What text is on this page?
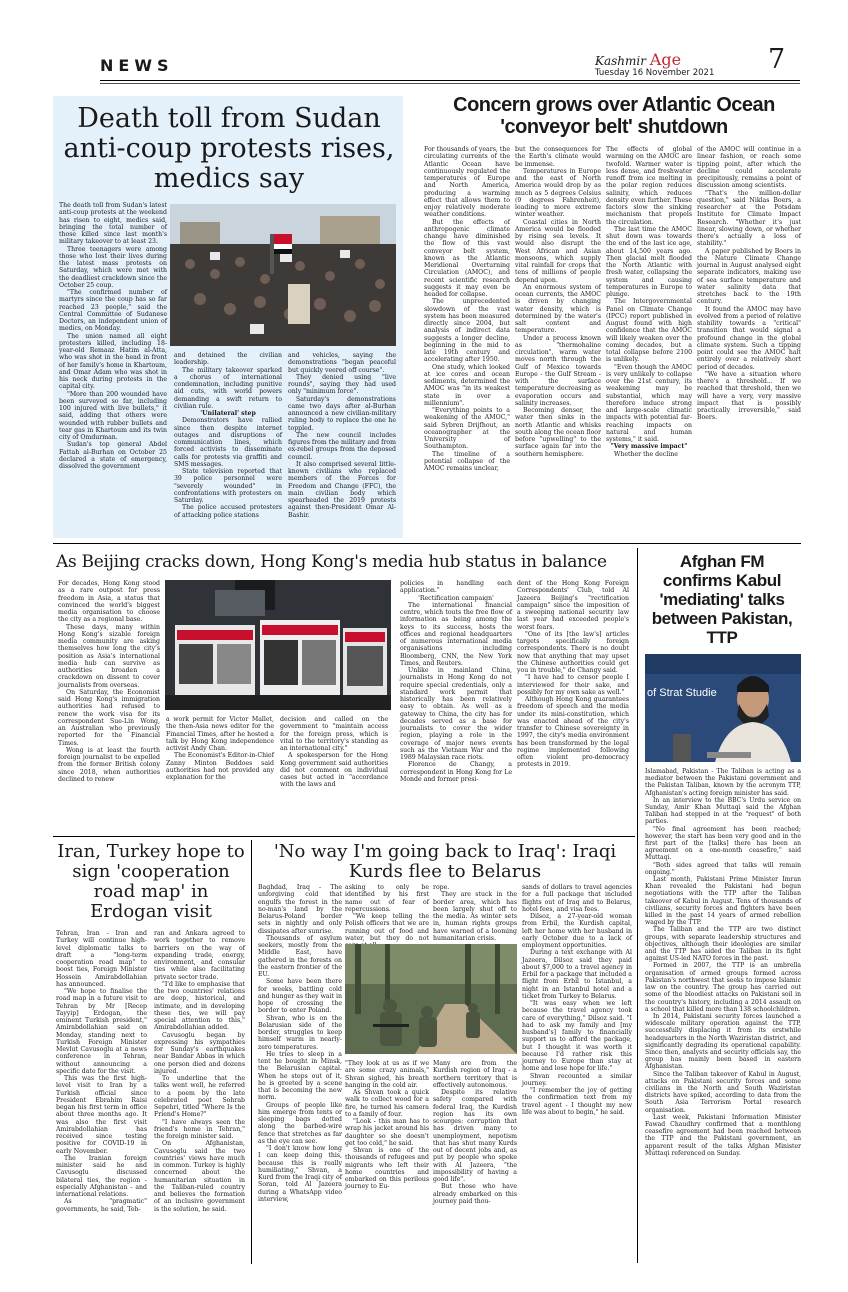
NEWS	Kashmir Age
Tuesday 16 November 2021 7
Death toll from Sudan anti-coup protests rises, medics say

The death toll from Sudan's latest anti-coup protests at the weekend has risen to eight, medics said, bringing the total number of those killed since last month's military takeover to at least 23.

Three teenagers were among those who lost their lives during the latest mass protests on Saturday, which were met with the deadliest crackdown since the October 25 coup.

"The confirmed number of martyrs since the coup has so far reached 23 people," said the Central Committee of Sudanese Doctors, an independent union of medics, on Monday.

The union named all eight protesters killed, including 18-year-old Remaaz Hatim al-Atta, who was shot in the head in front of her family's home in Khartoum, and Omar Adam who was shot in his neck during protests in the capital city.

"More than 200 wounded have been surveyed so far, including 100 injured with live bullets," it said, adding that others were wounded with rubber bullets and tear gas in Khartoum and its twin city of Omdurman.

Sudan's top general Abdel Fattah al-Burhan on October 25 declared a state of emergency, dissolved the government

and detained the civilian leadership.

The military takeover sparked a chorus of international condemnation, including punitive aid cuts, with world powers demanding a swift return to civilian rule.

'Unilateral' step

Demonstrators have rallied since then despite internet outages and disruptions of communication lines, which forced activists to disseminate calls for protests via graffiti and SMS messages.

State television reported that 39 police personnel were "severely wounded" in confrontations with protesters on Saturday.

The police accused protesters of attacking police stations

and vehicles, saying the demonstrations "began peaceful but quickly veered off course".

They denied using "live rounds", saying they had used only "minimum force".

Saturday's demonstrations came two days after al-Burhan announced a new civilian-military ruling body to replace the one he toppled.

The new council includes figures from the military and from ex-rebel groups from the deposed council.

It also comprised several little-known civilians who replaced members of the Forces for Freedom and Change (FFC), the main civilian body which spearheaded the 2019 protests against then-President Omar Al-Bashir.

Concern grows over Atlantic Ocean 'conveyor belt' shutdown

For thousands of years, the circulating currents of the Atlantic Ocean have continuously regulated the temperatures of Europe and North America, producing a warming effect that allows them to enjoy relatively moderate weather conditions.

But the effects of anthropogenic climate change have diminished the flow of this vast conveyor belt system, known as the Atlantic Meridional Overturning Circulation (AMOC), and recent scientific research suggests it may even be headed for collapse.

The unprecedented slowdown of the vast system has been measured directly since 2004, but analysis of indirect data suggests a longer decline, beginning in the mid to late 19th century and accelerating after 1950.

One study, which looked at ice cores and ocean sediments, determined the AMOC was "in its weakest state in over a millennium".

"Everything points to a weakening of the AMOC," said Sybren Drijfhout, an oceanographer at the University of Southampton.

The timeline of a potential collapse of the AMOC remains unclear,

but the consequences for the Earth's climate would be immense.

Temperatures in Europe and the east of North America would drop by as much as 5 degrees Celsius (9 degrees Fahrenheit), leading to more extreme winter weather.

Coastal cities in North America would be flooded by rising sea levels. It would also disrupt the West African and Asian monsoons, which supply vital rainfall for crops that tens of millions of people depend upon.

An enormous system of ocean currents, the AMOC is driven by changing water density, which is determined by the water's salt content and temperature.

Under a process known as "thermohaline circulation", warm water moves north through the Gulf of Mexico towards Europe - the Gulf Stream - with the surface temperature decreasing as evaporation occurs and salinity increases.

Becoming denser, the water then sinks in the north Atlantic and whisks south along the ocean floor before "upwelling" to the surface again far into the southern hemisphere.

The effects of global warming on the AMOC are twofold. Warmer water is less dense, and freshwater runoff from ice melting in the polar region reduces salinity, which reduces density even further. These factors slow the sinking mechanism that propels the circulation.

The last time the AMOC shut down was towards the end of the last ice age, about 14,500 years ago. Then glacial melt flooded the North Atlantic with fresh water, collapsing the system and causing temperatures in Europe to plunge.

The Intergovernmental Panel on Climate Change (IPCC) report published in August found with high confidence that the AMOC will likely weaken over the coming decades, but a total collapse before 2100 is unlikely.

"Even though the AMOC is very unlikely to collapse over the 21st century, its weakening may be substantial, which may therefore induce strong and large-scale climatic impacts with potential far-reaching impacts on natural and human systems," it said.

"Very massive impact"

Whether the decline

of the AMOC will continue in a linear fashion, or reach some tipping point, after which the decline could accelerate precipitously, remains a point of discussion among scientists.

"That's the million-dollar question," said Niklas Boers, a researcher at the Potsdam Institute for Climate Impact Research. "Whether it's just linear, slowing down, or whether there's actually a loss of stability."

A paper published by Boers in the Nature Climate Change journal in August analysed eight separate indicators, making use of sea surface temperature and water salinity data that stretches back to the 19th century.

It found the AMOC may have evolved from a period of relative stability towards a "critical" transition that would signal a profound change in the global climate system. Such a tipping point could see the AMOC halt entirely over a relatively short period of decades.

"We have a situation where there's a threshold... If we reached that threshold, then we will have a very, very massive impact that is possibly practically irreversible," said Boers.

As Beijing cracks down, Hong Kong's media hub status in balance

For decades, Hong Kong stood as a rare outpost for press freedom in Asia, a status that convinced the world's biggest media organisation to choose the city as a regional base.

These days, many within Hong Kong's sizable foreign media community are asking themselves how long the city's position as Asia's international media hub can survive as authorities broaden a crackdown on dissent to cover journalists from overseas.

On Saturday, the Economist said Hong Kong's immigration authorities had refused to renew the work visa for its correspondent Sue-Lin Wong, an Australian who previously reported for the Financial Times.

Wong is at least the fourth foreign journalist to be expelled from the former British colony since 2018, when authorities declined to renew

a work permit for Victor Mallet, the then-Asia news editor for the Financial Times, after he hosted a talk by Hong Kong independence activist Andy Chan.

The Economist's Editor-in-Chief Zanny Minton Beddoes said authorities had not provided any explanation for the

decision and called on the government to "maintain access for the foreign press, which is vital to the territory's standing as an international city."

A spokesperson for the Hong Kong government said authorities did not comment on individual cases but acted in "accordance with the laws and

policies in handling each application."

'Rectification campaign'

The international financial centre, which touts the free flow of information as being among the keys to its success, hosts the offices and regional headquarters of numerous international media organisations including Bloomberg, CNN, the New York Times, and Reuters.

Unlike in mainland China, journalists in Hong Kong do not require special credentials, only a standard work permit that historically has been relatively easy to obtain. As well as a gateway to China, the city has for decades served as a base for journalists to cover the wider region, playing a role in the coverage of major news events such as the Vietnam War and the 1989 Malaysian race riots.

Florence de Changy, a correspondent in Hong Kong for Le Monde and former presi-

dent of the Hong Kong Foreign Correspondents' Club, told Al Jazeera Beijing's "rectification campaign" since the imposition of a sweeping national security law last year had exceeded people's worst fears.

"One of its [the law's] articles targets specifically foreign correspondents. There is no doubt now that anything that may upset the Chinese authorities could get you in trouble," de Changy said.

"I have had to censor people I interviewed for their sake, and possibly for my own sake as well."

Although Hong Kong guarantees freedom of speech and the media under its mini-constitution, which was enacted ahead of the city's transfer to Chinese sovereignty in 1997, the city's media environment has been transformed by the legal regime implemented following often violent pro-democracy protests in 2019.

Afghan FM confirms Kabul 'mediating' talks between Pakistan, TTP
of Strat Studie

Islamabad, Pakistan - The Taliban is acting as a mediator between the Pakistani government and the Pakistan Taliban, known by the acronym TTP, Afghanistan's acting foreign minister has said.

In an interview to the BBC's Urdu service on Sunday, Amir Khan Muttaqi said the Afghan Taliban had stepped in at the "request" of both parties.

"No final agreement has been reached; however, the start has been very good and in the first part of the [talks] there has been an agreement on a one-month ceasefire," said Muttaqi.

"Both sides agreed that talks will remain ongoing."

Last month, Pakistani Prime Minister Imran Khan revealed the Pakistani had begun negotiations with the TTP after the Taliban takeover of Kabul in August. Tens of thousands of civilians, security forces and fighters have been killed in the past 14 years of armed rebellion waged by the TTP.

The Taliban and the TTP are two distinct groups, with separate leadership structures and objectives, although their ideologies are similar and the TTP has aided the Taliban in its fight against US-led NATO forces in the past.

Formed in 2007, the TTP is an umbrella organisation of armed groups formed across Pakistan's northwest that seeks to impose Islamic law on the country. The group has carried out some of the bloodiest attacks on Pakistani soil in the country's history, including a 2014 assault on a school that killed more than 138 schoolchildren.

In 2014, Pakistani security forces launched a widescale military operation against the TTP, successfully displacing it from its erstwhile headquarters in the North Waziristan district, and significantly degrading its operational capability. Since then, analysts and security officials say, the group has mainly been based in eastern Afghanistan.

Since the Taliban takeover of Kabul in August, attacks on Pakistani security forces and some civilians in the North and South Waziristan districts have spiked, according to data from the South Asia Terrorism Portal research organisation.

Last week, Pakistani Information Minister Fawad Chaudhry confirmed that a monthlong ceasefire agreement had been reached between the TTP and the Pakistani government, an apparent result of the talks Afghan Minister Muttaqi referenced on Sunday.

Iran, Turkey hope to sign 'cooperation road map' in Erdogan visit

Tehran, Iran - Iran and Turkey will continue high-level diplomatic talks to draft a "long-term cooperation road map" to boost ties, Foreign Minister Hossein Amirabdollahian has announced.

"We hope to finalise the road map in a future visit to Tehran by Mr [Recep Tayyip] Erdogan, the eminent Turkish president," Amirabdollahian said on Monday, standing next to Turkish Foreign Minister Mevlut Cavusoglu at a news conference in Tehran, without announcing a specific date for the visit.

This was the first high-level visit to Iran by a Turkish official since President Ebrahim Raisi began his first term in office about three months ago. It was also the first visit Amirabdollahian has received since testing positive for COVID-19 in early November.

The Iranian foreign minister said he and Cavusoglu discussed bilateral ties, the region - especially Afghanistan - and international relations.

As "pragmatic" governments, he said, Teh-

ran and Ankara agreed to work together to remove barriers on the way of expanding trade, energy, environment, and consular ties while also facilitating private sector trade.

"I'd like to emphasise that the two countries' relations are deep, historical, and intimate, and in developing these ties, we will pay special attention to this," Amirabdollahian added.

Cavusoglu began by expressing his sympathies for Sunday's earthquakes near Bandar Abbas in which one person died and dozens injured.

To underline that the talks went well, he referred to a poem by the late celebrated poet Sohrab Sepehri, titled "Where Is the Friend's Home?"

"I have always seen the friend's home in Tehran," the foreign minister said.

On Afghanistan, Cavusoglu said the two countries' views have much in common. Turkey is highly concerned about the humanitarian situation in the Taliban-ruled country and believes the formation of an inclusive government is the solution, he said.

'No way I'm going back to Iraq': Iraqi Kurds flee to Belarus

Baghdad, Iraq - The unforgiving cold that engulfs the forest in the no-man's land by the Belarus-Poland border sets in nightly and only dissipates after sunrise.

Thousands of asylum seekers, mostly from the Middle East, have gathered in the forests on the eastern frontier of the EU.

Some have been there for weeks, battling cold and hunger as they wait in hope of crossing the border to enter Poland.

Shvan, who is on the Belarusian side of the border, struggles to keep himself warm in nearly-zero temperatures.

He tries to sleep in a tent he bought in Minsk, the Belarusian capital. When he steps out of it, he is greeted by a scene that is becoming the new norm.

Groups of people like him emerge from tents or sleeping bags dotted along the barbed-wire fence that stretches as far as the eye can see.

"I don't know how long I can keep doing this, because this is really humiliating," Shvan, a Kurd from the Iraqi city of Soran, told Al Jazeera during a WhatsApp video interview,

asking to only be identified by his first name out of fear of repercussions.

"We keep telling the Polish officers that we are running out of food and water, but they do not

rope.

They are stuck in the border area, which has been largely shut off to the media. As winter sets in, human rights groups have warned of a looming humanitarian crisis.

"They look at us as if we are some crazy animals," Shvan sighed, his breath hanging in the cold air.

As Shvan took a quick walk to collect wood for a fire, he turned his camera to a family of four.

"Look - this man has to wrap his jacket around his daughter so she doesn't get too cold," he said.

Shvan is one of the thousands of refugees and migrants who left their home countries and embarked on this perilous journey to Eu-

Many are from the Kurdish region of Iraq - a northern territory that is effectively autonomous.

Despite its relative safety compared with federal Iraq, the Kurdish region has its own scourges: corruption that has driven many to unemployment, nepotism that has shut many Kurds out of decent jobs and, as put by people who spoke with Al Jazeera, "the impossibility of having a good life".

But those who have already embarked on this journey paid thou-

sands of dollars to travel agencies for a full package that included flights out of Iraq and to Belarus, hotel fees, and visa fees.

Dilsoz, a 27-year-old woman from Erbil, the Kurdish capital, left her home with her husband in early October due to a lack of employment opportunities.

During a text exchange with Al Jazeera, Dilsoz said they paid about $7,000 to a travel agency in Erbil for a package that included a flight from Erbil to Istanbul, a night in an Istanbul hotel and a ticket from Turkey to Belarus.

"It was easy when we left because the travel agency took care of everything," Dilsoz said. "I had to ask my family and [my husband's] family to financially support us to afford the package, but I thought it was worth it because I'd rather risk this journey to Europe than stay at home and lose hope for life."

Shvan recounted a similar journey.

"I remember the joy of getting the confirmation text from my travel agent - I thought my new life was about to begin," he said.
